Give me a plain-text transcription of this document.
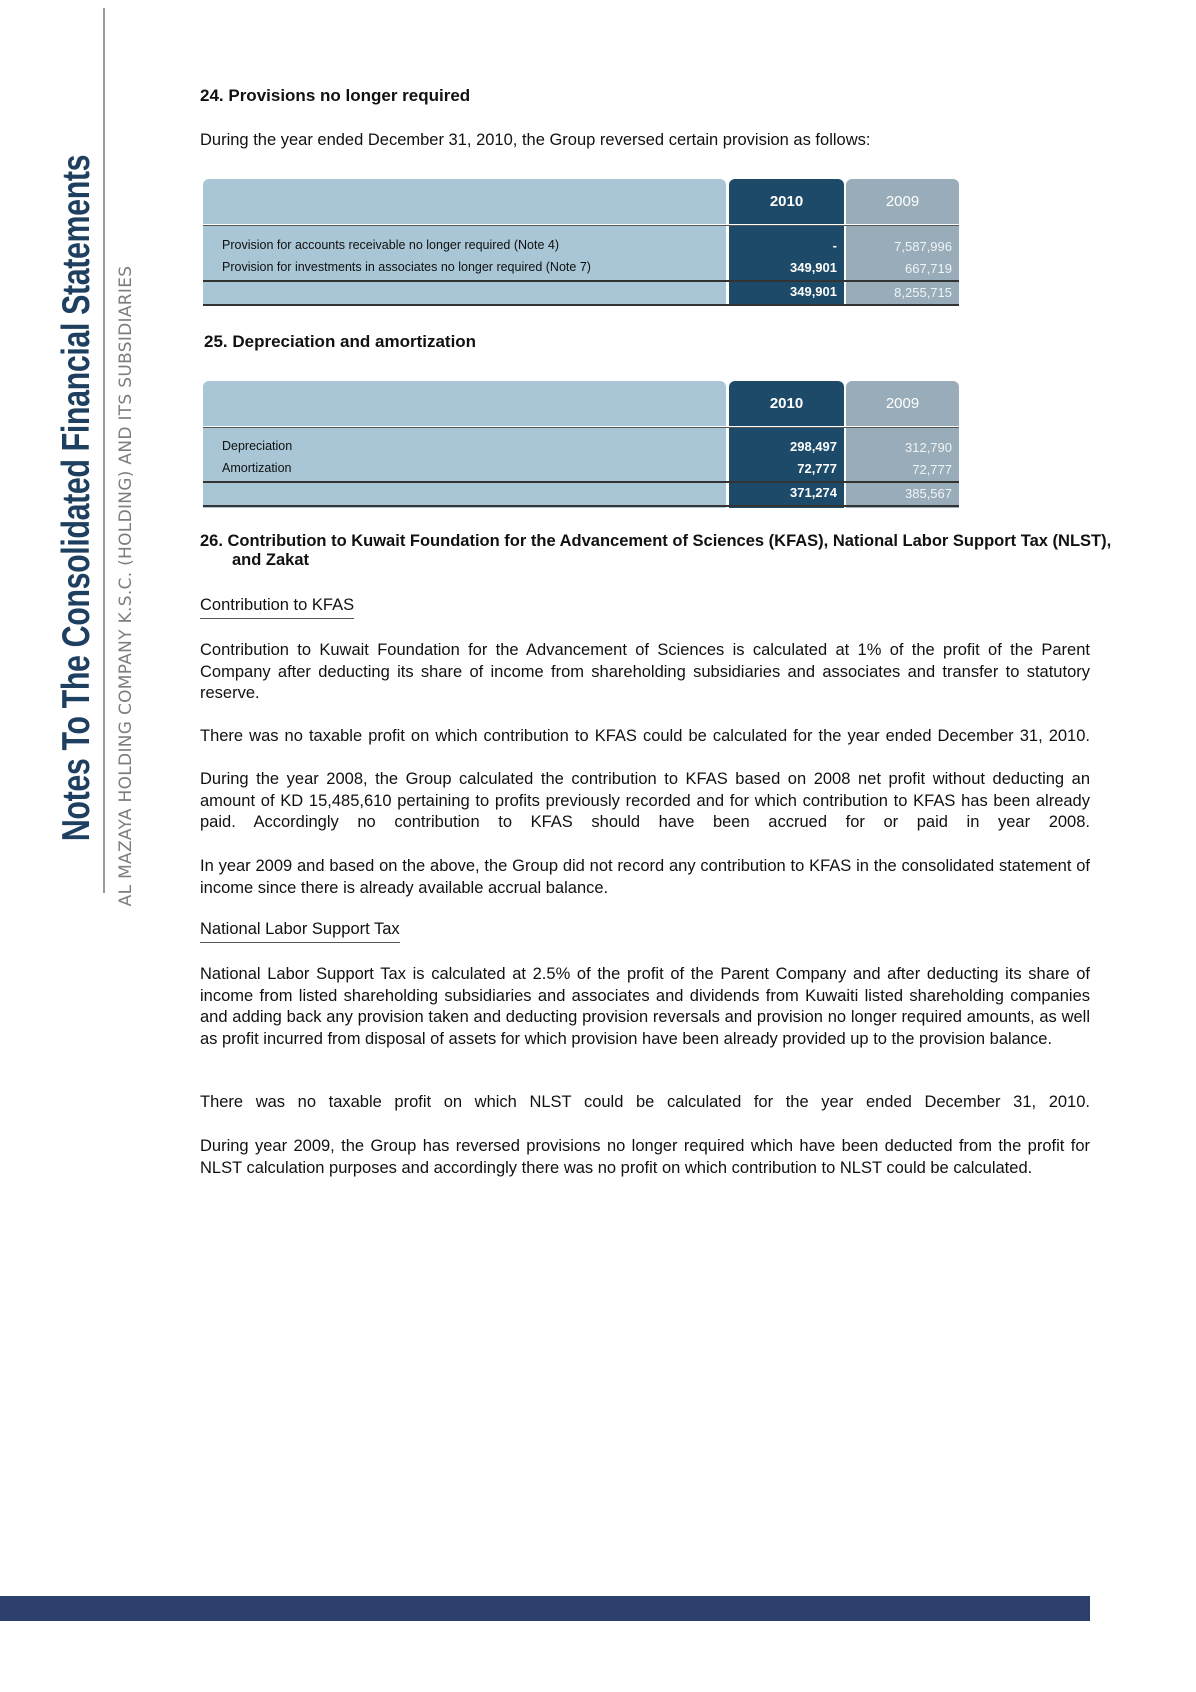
Notes To The Consolidated Financial Statements AL MAZAYA HOLDING COMPANY K.S.C. (HOLDING) AND ITS SUBSIDIARIES
24. Provisions no longer required
During the year ended December 31, 2010, the Group reversed certain provision as follows:
2010	2009
Provision for accounts receivable no longer required (Note 4)	-	7,587,996
Provision for investments in associates no longer required (Note 7)	349,901	667,719
349,901	8,255,715
25. Depreciation and amortization
2010	2009
Depreciation	298,497	312,790
Amortization	72,777	72,777
371,274	385,567
26. Contribution to Kuwait Foundation for the Advancement of Sciences (KFAS), National Labor Support Tax (NLST),
and Zakat
Contribution to KFAS
Contribution to Kuwait Foundation for the Advancement of Sciences is calculated at 1% of the profit of the Parent Company after deducting its share of income from shareholding subsidiaries and associates and transfer to statutory reserve.
There was no taxable profit on which contribution to KFAS could be calculated for the year ended December 31, 2010.
During the year 2008, the Group calculated the contribution to KFAS based on 2008 net profit without deducting an amount of KD 15,485,610 pertaining to profits previously recorded and for which contribution to KFAS has been already paid. Accordingly no contribution to KFAS should have been accrued for or paid in year 2008.
In year 2009 and based on the above, the Group did not record any contribution to KFAS in the consolidated statement of income since there is already available accrual balance.
National Labor Support Tax
National Labor Support Tax is calculated at 2.5% of the profit of the Parent Company and after deducting its share of income from listed shareholding subsidiaries and associates and dividends from Kuwaiti listed shareholding companies and adding back any provision taken and deducting provision reversals and provision no longer required amounts, as well as profit incurred from disposal of assets for which provision have been already provided up to the provision balance.
There was no taxable profit on which NLST could be calculated for the year ended December 31, 2010.
During year 2009, the Group has reversed provisions no longer required which have been deducted from the profit for NLST calculation purposes and accordingly there was no profit on which contribution to NLST could be calculated.
